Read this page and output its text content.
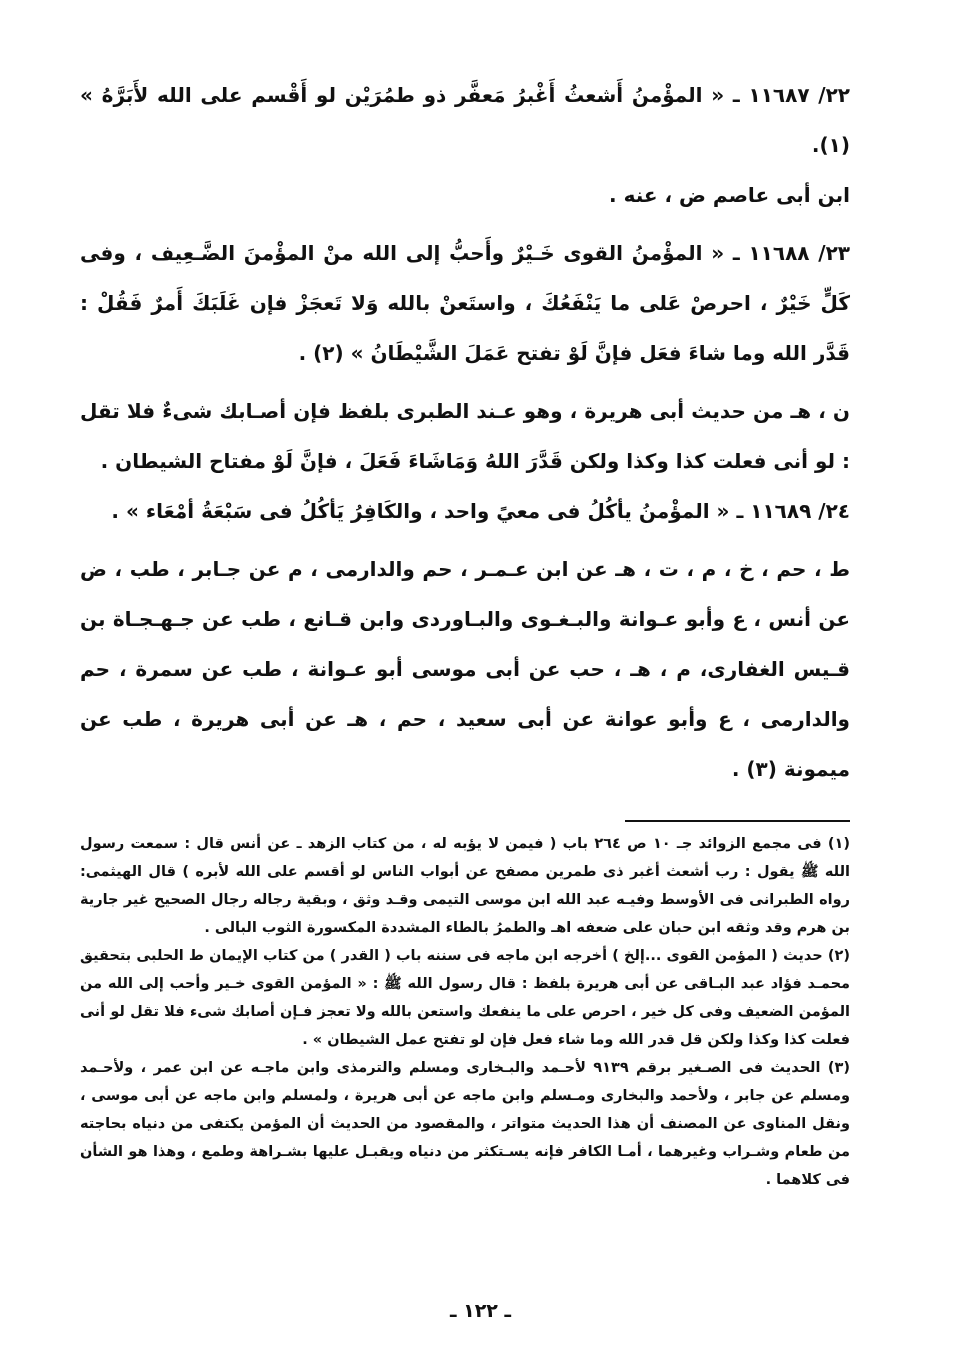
٢٢/ ١١٦٨٧ ـ « المؤْمنُ أَشعثُ أَغْبرُ مَعفَّر ذو طمُرَيْن لو أَقْسم على الله لأَبَرَّهُ » (١).

ابن أبى عاصم ض ، عنه .

٢٣/ ١١٦٨٨ ـ « المؤْمنُ القوى خَـيْرٌ وأَحبُّ إلى الله منْ المؤْمنَ الضَّـعِيف ، وفى كَلٍّ خَيْرٌ ، احرصْ عَلى ما يَنْفَعُكَ ، واستَعنْ بالله وَلا تَعجَزْ فإن غَلَبَكَ أَمرٌ فَقُلْ : قَدَّر الله وما شاءَ فعَل فإنَّ لَوْ تفتح عَمَلَ الشَّيْطَانُ » (٢) .

ن ، هـ من حديث أبى هريرة ، وهو عـند الطبرى بلفظ فإن أصـابك شىءٌ فلا تقل : لو أنى فعلت كذا وكذا ولكن قَدَّرَ اللهُ وَمَاشَاءَ فَعَلَ ، فإنَّ لَوْ مفتاح الشيطان .

٢٤/ ١١٦٨٩ ـ « المؤْمنُ يأكُلُ فى معيً واحد ، والكَافِرُ يَأكُلُ فى سَبْعَةُ أمْعَاء » .

ط ، حم ، خ ، م ، ت ، هـ عن ابن عـمـر ، حم والدارمى ، م عن جـابر ، طب ، ض عن أنس ، ع وأبو عـوانة والبـغـوى والبـاوردى وابن قـانع ، طب عن جـهـجـاة بن قـيس الغفارى، م ، هـ ، حب عن أبى موسى أبو عـوانة ، طب عن سمرة ، حم والدارمى ، ع وأبو عوانة عن أبى سعيد ، حم ، هـ عن أبى هريرة ، طب عن ميمونة (٣) .

(١) فى مجمع الزوائد جـ ١٠ ص ٢٦٤ باب ( فيمن لا يؤبه له ، من كتاب الزهد ـ عن أنس قال : سمعت رسول الله ﷺ يقول : رب أشعث أغبر ذى طمرين مصفح عن أبواب الناس لو أقسم على الله لأبره ) قال الهيثمى: رواه الطبرانى فى الأوسط وفيـه عبد الله ابن موسى التيمى وقـد وثق ، وبقية رجاله رجال الصحيح غير جارية بن هرم وقد وثقه ابن حبان على ضعفه اهـ والطمرُ بالطاء المشددة المكسورة الثوب البالى .

(٢) حديث ( المؤمن القوى ...إلخ ) أخرجه ابن ماجه فى سننه باب ( القدر ) من كتاب الإيمان ط الحلبى بتحقيق محمـد فؤاد عبد البـاقى عن أبى هريرة بلفظ : قال رسول الله ﷺ : « المؤمن القوى خـير وأحب إلى الله من المؤمن الضعيف وفى كل خير ، احرص على ما ينفعك واستعن بالله ولا تعجز فـإن أصابك شىء فلا تقل لو أنى فعلت كذا وكذا ولكن قل قدر الله وما شاء فعل فإن لو تفتح عمل الشيطان » .

(٣) الحديث فى الصـغير برقم ٩١٣٩ لأحـمد والبـخارى ومسلم والترمذى وابن ماجـه عن ابن عمر ، ولأحـمد ومسلم عن جابر ، ولأحمد والبخارى ومـسلم وابن ماجه عن أبى هريرة ، ولمسلم وابن ماجه عن أبى موسى ، ونقل المناوى عن المصنف أن هذا الحديث متواتر ، والمقصود من الحديث أن المؤمن يكتفى من دنياه بحاجته من طعام وشـراب وغيرهما ، أمـا الكافر فإنه يسـتكثر من دنياه ويقبـل عليها بشـراهة وطمع ، وهذا هو الشأن فى كلاهما .

ـ ١٢٢ ـ
